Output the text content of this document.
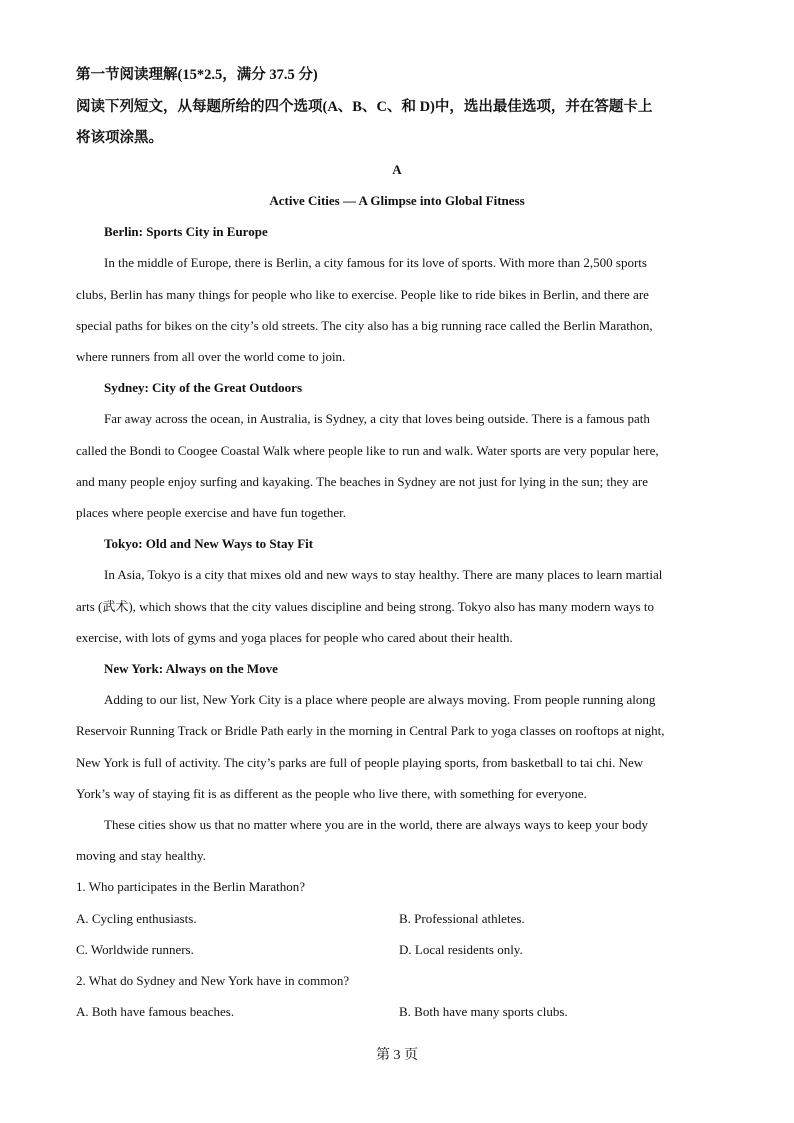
第一节阅读理解(15*2.5，满分 37.5 分)
阅读下列短文，从每题所给的四个选项(A、B、C、和 D)中，选出最佳选项，并在答题卡上
将该项涂黑。
A
Active Cities — A Glimpse into Global Fitness
Berlin: Sports City in Europe
In the middle of Europe, there is Berlin, a city famous for its love of sports. With more than 2,500 sports
clubs, Berlin has many things for people who like to exercise. People like to ride bikes in Berlin, and there are
special paths for bikes on the city’s old streets. The city also has a big running race called the Berlin Marathon,
where runners from all over the world come to join.
Sydney: City of the Great Outdoors
Far away across the ocean, in Australia, is Sydney, a city that loves being outside. There is a famous path
called the Bondi to Coogee Coastal Walk where people like to run and walk. Water sports are very popular here,
and many people enjoy surfing and kayaking. The beaches in Sydney are not just for lying in the sun; they are
places where people exercise and have fun together.
Tokyo: Old and New Ways to Stay Fit
In Asia, Tokyo is a city that mixes old and new ways to stay healthy. There are many places to learn martial
arts (武术), which shows that the city values discipline and being strong. Tokyo also has many modern ways to
exercise, with lots of gyms and yoga places for people who cared about their health.
New York: Always on the Move
Adding to our list, New York City is a place where people are always moving. From people running along
Reservoir Running Track or Bridle Path early in the morning in Central Park to yoga classes on rooftops at night,
New York is full of activity. The city’s parks are full of people playing sports, from basketball to tai chi. New
York’s way of staying fit is as different as the people who live there, with something for everyone.
These cities show us that no matter where you are in the world, there are always ways to keep your body
moving and stay healthy.
1. Who participates in the Berlin Marathon?
A. Cycling enthusiasts.	B. Professional athletes.
C. Worldwide runners.	D. Local residents only.
2. What do Sydney and New York have in common?
A. Both have famous beaches.	B. Both have many sports clubs.
第 3 页
